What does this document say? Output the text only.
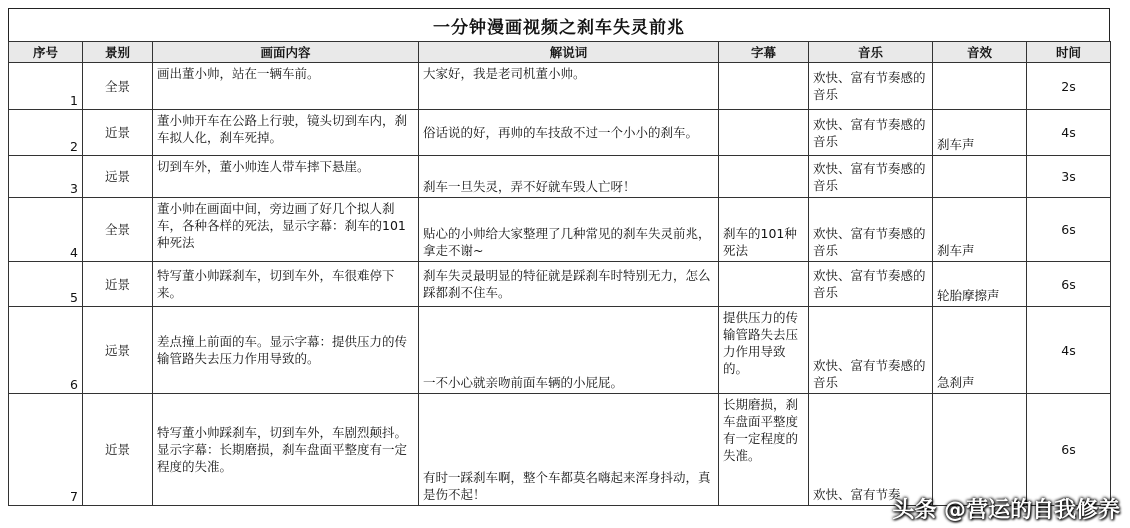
一分钟漫画视频之刹车失灵前兆
序号	景别	画面内容	解说词	字幕	音乐	音效	时间
1	全景	画出董小帅，站在一辆车前。	大家好，我是老司机董小帅。		欢快、富有节奏感的音乐		2s
2	近景	董小帅开车在公路上行驶，镜头切到车内，刹车拟人化，刹车死掉。	俗话说的好，再帅的车技敌不过一个小小的刹车。		欢快、富有节奏感的音乐	刹车声	4s
3	远景	切到车外，董小帅连人带车摔下悬崖。	刹车一旦失灵，弄不好就车毁人亡呀！		欢快、富有节奏感的音乐		3s
4	全景	董小帅在画面中间，旁边画了好几个拟人刹车，各种各样的死法，显示字幕：刹车的101种死法	贴心的小帅给大家整理了几种常见的刹车失灵前兆，拿走不谢~	刹车的101种死法	欢快、富有节奏感的音乐	刹车声	6s
5	近景	特写董小帅踩刹车，切到车外，车很难停下来。	刹车失灵最明显的特征就是踩刹车时特别无力，怎么踩都刹不住车。		欢快、富有节奏感的音乐	轮胎摩擦声	6s
6	远景	差点撞上前面的车。显示字幕：提供压力的传输管路失去压力作用导致的。	一不小心就亲吻前面车辆的小屁屁。	提供压力的传输管路失去压力作用导致的。	欢快、富有节奏感的音乐	急刹声	4s
7	近景	特写董小帅踩刹车，切到车外，车剧烈颠抖。显示字幕：长期磨损，刹车盘面平整度有一定程度的失准。	有时一踩刹车啊，整个车都莫名嗨起来浑身抖动，真是伤不起！	长期磨损，刹车盘面平整度有一定程度的失准。	欢快、富有节奏		6s
头条 @营运的自我修养
